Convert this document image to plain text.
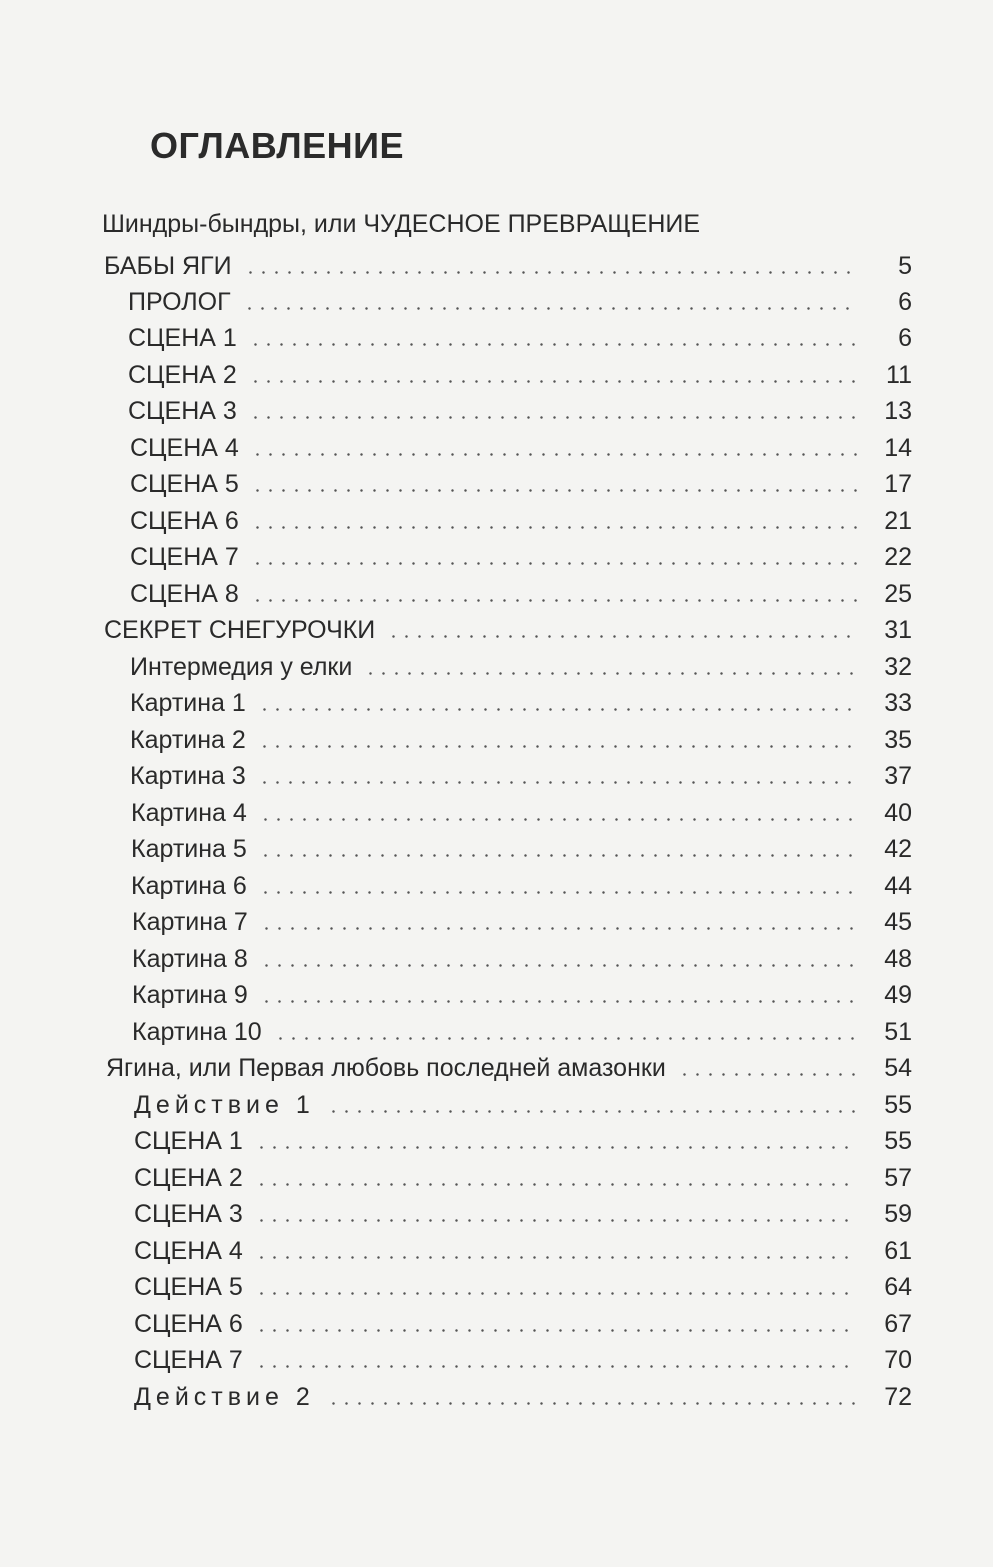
ОГЛАВЛЕНИЕ
Шиндры-бындры, или ЧУДЕСНОЕ ПРЕВРАЩЕНИЕ
БАБЫ ЯГИ	5
ПРОЛОГ	6
СЦЕНА 1	6
СЦЕНА 2	11
СЦЕНА 3	13
СЦЕНА 4	14
СЦЕНА 5	17
СЦЕНА 6	21
СЦЕНА 7	22
СЦЕНА 8	25
СЕКРЕТ СНЕГУРОЧКИ	31
Интермедия у елки	32
Картина 1	33
Картина 2	35
Картина 3	37
Картина 4	40
Картина 5	42
Картина 6	44
Картина 7	45
Картина 8	48
Картина 9	49
Картина 10	51
Ягина, или Первая любовь последней амазонки	54
Действие 1	55
СЦЕНА 1	55
СЦЕНА 2	57
СЦЕНА 3	59
СЦЕНА 4	61
СЦЕНА 5	64
СЦЕНА 6	67
СЦЕНА 7	70
Действие 2	72
